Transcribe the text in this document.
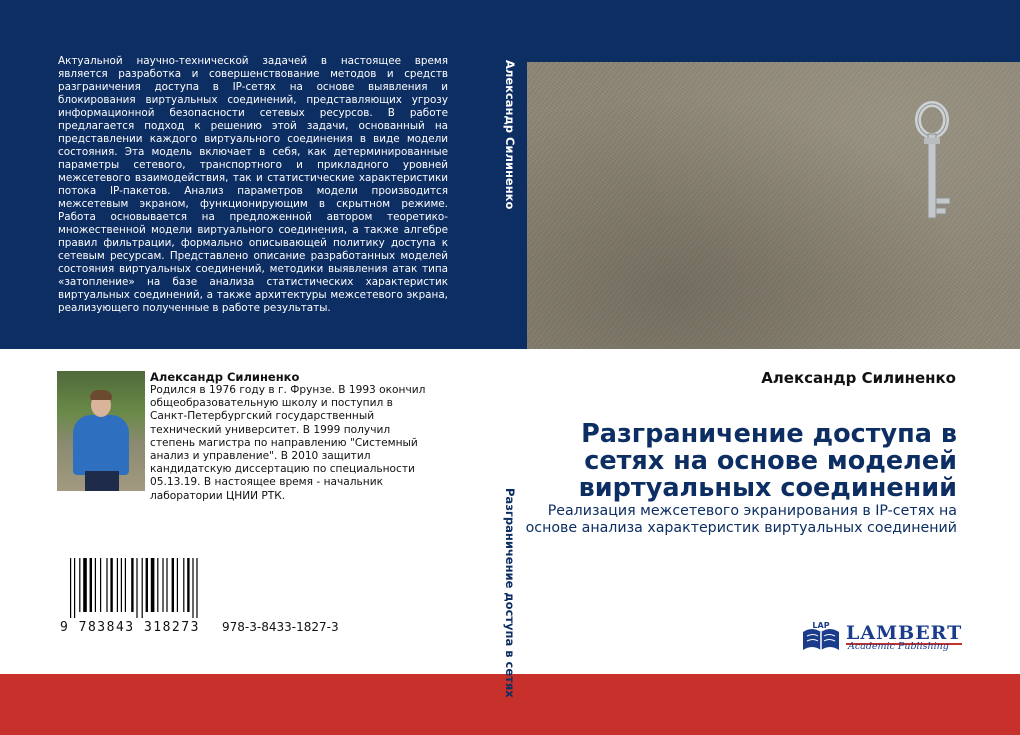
Актуальной научно-технической задачей в настоящее время является разработка и совершенствование методов и средств разграничения доступа в IP-сетях на основе выявления и блокирования виртуальных соединений, представляющих угрозу информационной безопасности сетевых ресурсов. В работе предлагается подход к решению этой задачи, основанный на представлении каждого виртуального соединения в виде модели состояния. Эта модель включает в себя, как детерминированные параметры сетевого, транспортного и прикладного уровней межсетевого взаимодействия, так и статистические характеристики потока IP-пакетов. Анализ параметров модели производится межсетевым экраном, функционирующим в скрытном режиме. Работа основывается на предложенной автором теоретико-множественной модели виртуального соединения, а также алгебре правил фильтрации, формально описывающей политику доступа к сетевым ресурсам. Представлено описание разработанных моделей состояния виртуальных соединений, методики выявления атак типа «затопление» на базе анализа статистических характеристик виртуальных соединений, а также архитектуры межсетевого экрана, реализующего полученные в работе результаты.

Александр Силиненко
Разграничение доступа в сетях

Александр Силиненко

Родился в 1976 году в г. Фрунзе. В 1993 окончил общеобразовательную школу и поступил в Санкт-Петербургский государственный технический университет. В 1999 получил степень магистра по направлению "Системный анализ и управление". В 2010 защитил кандидатскую диссертацию по специальности 05.13.19. В настоящее время - начальник лаборатории ЦНИИ РТК.

9 783843 318273 978-3-8433-1827-3

Александр Силиненко

Разграничение доступа в сетях на основе моделей виртуальных соединений

Реализация межсетевого экранирования в IP-сетях на основе анализа характеристик виртуальных соединений

LAP LAMBERT

Academic Publishing
